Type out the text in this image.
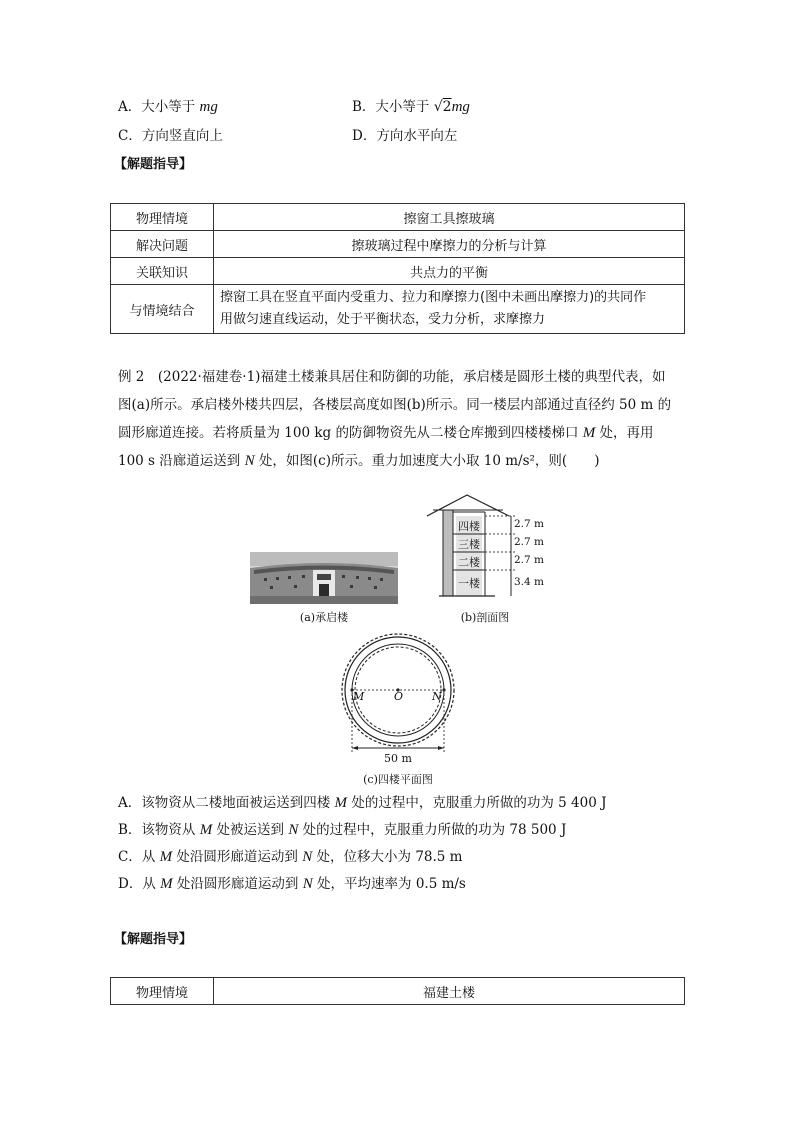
A．大小等于 mg	B．大小等于 √2mg
C．方向竖直向上	D．方向水平向左
【解题指导】
物理情境	擦窗工具擦玻璃
解决问题	擦玻璃过程中摩擦力的分析与计算
关联知识	共点力的平衡
与情境结合	擦窗工具在竖直平面内受重力、拉力和摩擦力(图中未画出摩擦力)的共同作
用做匀速直线运动，处于平衡状态，受力分析，求摩擦力
例 2　(2022·福建卷·1)福建土楼兼具居住和防御的功能，承启楼是圆形土楼的典型代表，如
图(a)所示。承启楼外楼共四层，各楼层高度如图(b)所示。同一楼层内部通过直径约 50 m 的
圆形廊道连接。若将质量为 100 kg 的防御物资先从二楼仓库搬到四楼楼梯口 M 处，再用
100 s 沿廊道运送到 N 处，如图(c)所示。重力加速度大小取 10 m/s²，则(　　)
(a)承启楼
四楼
三楼
二楼
一楼
2.7 m
2.7 m
2.7 m
3.4 m
(b)剖面图
M	O	N
50 m
(c)四楼平面图
A．该物资从二楼地面被运送到四楼 M 处的过程中，克服重力所做的功为 5 400 J
B．该物资从 M 处被运送到 N 处的过程中，克服重力所做的功为 78 500 J
C．从 M 处沿圆形廊道运动到 N 处，位移大小为 78.5 m
D．从 M 处沿圆形廊道运动到 N 处，平均速率为 0.5 m/s
【解题指导】
物理情境	福建土楼
